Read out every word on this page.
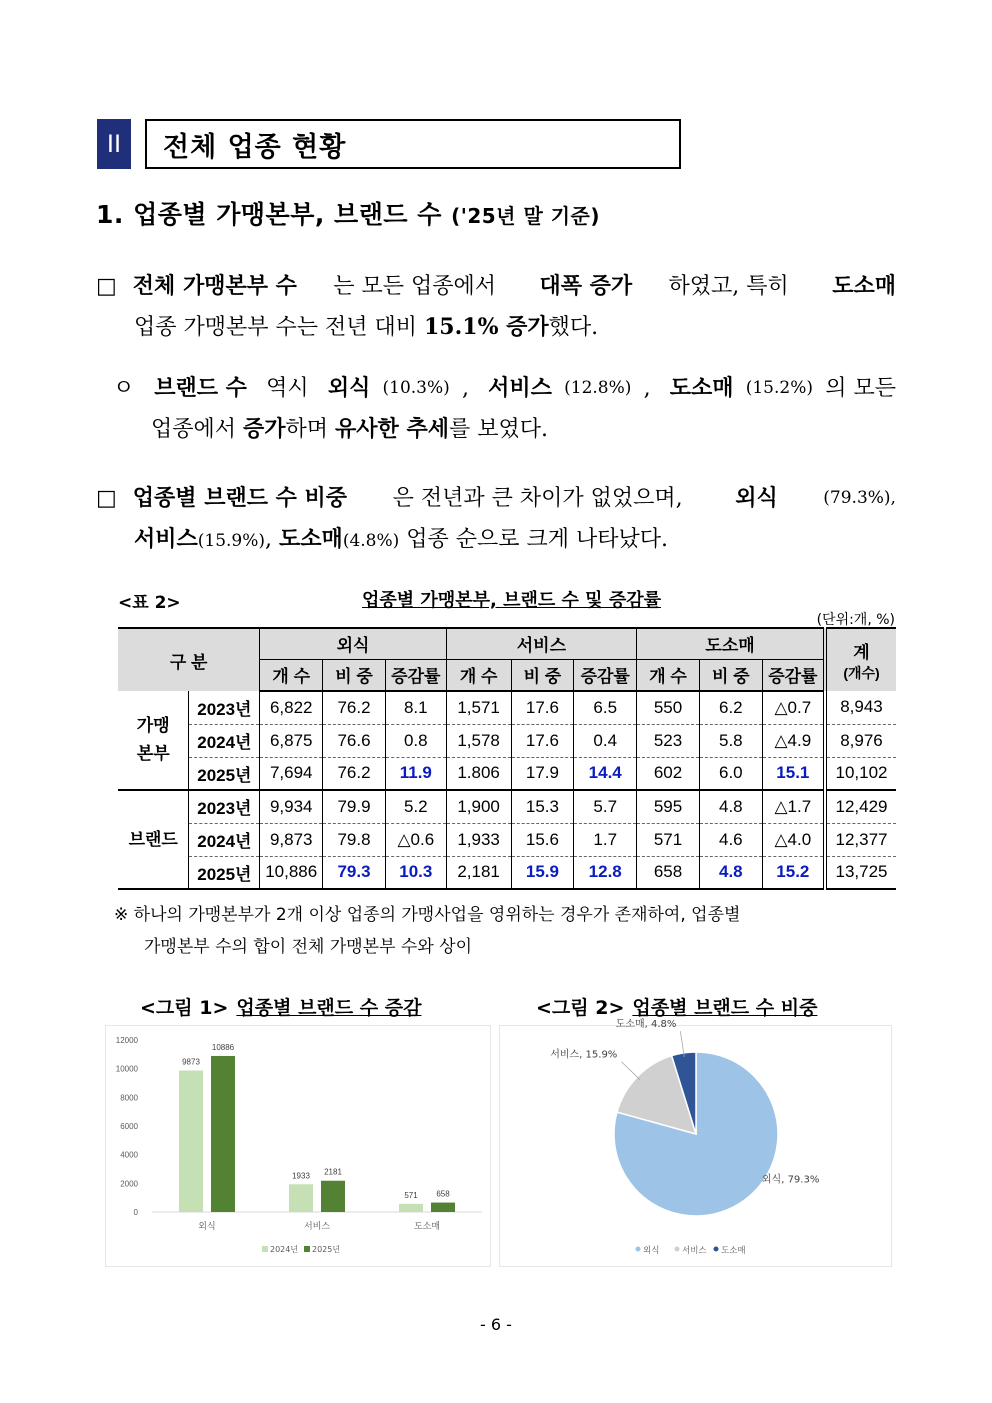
II	전체 업종 현황
1. 업종별 가맹본부, 브랜드 수 ('25년 말 기준)
□ 전체 가맹본부 수 는 모든 업종에서 대폭 증가 하였고, 특히 도소매
업종 가맹본부 수는 전년 대비 15.1% 증가했다.
ㅇ 브랜드 수 역시 외식 (10.3%) , 서비스 (12.8%) , 도소매 (15.2%) 의 모든
업종에서 증가하며 유사한 추세를 보였다.
□ 업종별 브랜드 수 비중 은 전년과 큰 차이가 없었으며, 외식	(79.3%),
서비스(15.9%), 도소매(4.8%) 업종 순으로 크게 나타났다.
<표 2>	업종별 가맹본부, 브랜드 수 및 증감률
(단위:개, %)
구 분		외식			서비스			도소매			계
(개수)
		개 수	비 중	증감률	개 수	비 중	증감률	개 수	비 중	증감률	
가맹
본부	2023년	6,822	76.2	8.1	1,571	17.6	6.5	550	6.2	△0.7	8,943
	2024년	6,875	76.6	0.8	1,578	17.6	0.4	523	5.8	△4.9	8,976
	2025년	7,694	76.2	11.9	1.806	17.9	14.4	602	6.0	15.1	10,102
브랜드	2023년	9,934	79.9	5.2	1,900	15.3	5.7	595	4.8	△1.7	12,429
	2024년	9,873	79.8	△0.6	1,933	15.6	1.7	571	4.6	△4.0	12,377
	2025년	10,886	79.3	10.3	2,181	15.9	12.8	658	4.8	15.2	13,725
※ 하나의 가맹본부가 2개 이상 업종의 가맹사업을 영위하는 경우가 존재하여, 업종별
가맹본부 수의 합이 전체 가맹본부 수와 상이
<그림 1> 업종별 브랜드 수 증감	<그림 2> 업종별 브랜드 수 비중
0
2000
4000
6000
8000
10000
12000
9873
10886
외식
1933 2181
서비스
571 658
도소매
2024년 2025년
외식, 79.3%
서비스, 15.9%
도소매, 4.8%
외식	서비스 도소매
- 6 -
